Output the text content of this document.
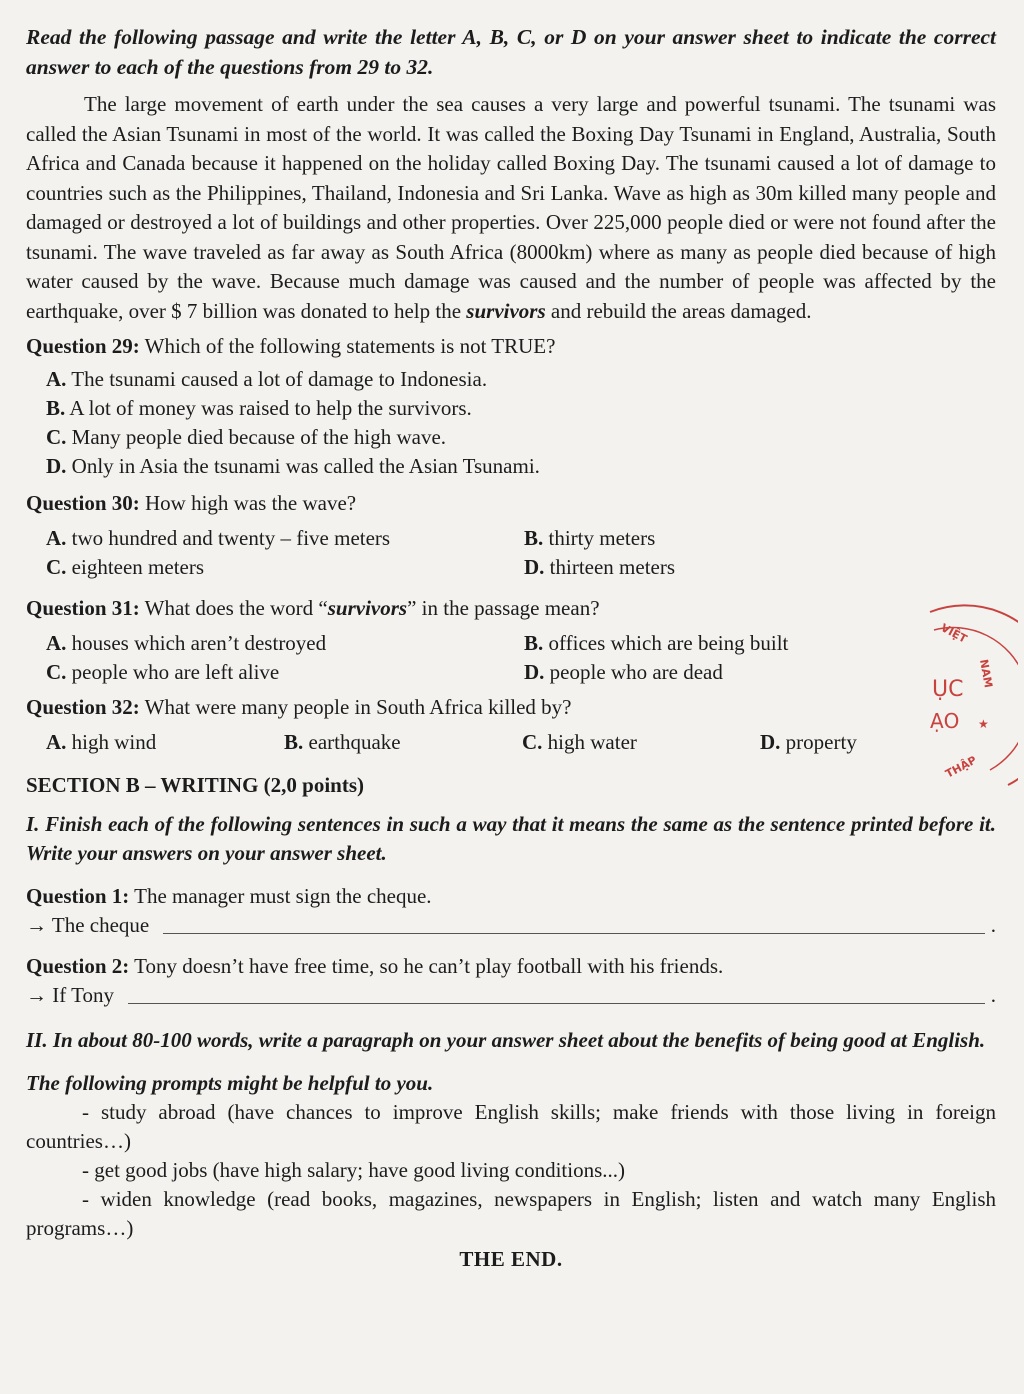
Read the following passage and write the letter A, B, C, or D on your answer sheet to indicate the correct answer to each of the questions from 29 to 32.
The large movement of earth under the sea causes a very large and powerful tsunami. The tsunami was called the Asian Tsunami in most of the world. It was called the Boxing Day Tsunami in England, Australia, South Africa and Canada because it happened on the holiday called Boxing Day. The tsunami caused a lot of damage to countries such as the Philippines, Thailand, Indonesia and Sri Lanka. Wave as high as 30m killed many people and damaged or destroyed a lot of buildings and other properties. Over 225,000 people died or were not found after the tsunami. The wave traveled as far away as South Africa (8000km) where as many as people died because of high water caused by the wave. Because much damage was caused and the number of people was affected by the earthquake, over $ 7 billion was donated to help the survivors and rebuild the areas damaged.
Question 29: Which of the following statements is not TRUE?
A. The tsunami caused a lot of damage to Indonesia.
B. A lot of money was raised to help the survivors.
C. Many people died because of the high wave.
D. Only in Asia the tsunami was called the Asian Tsunami.
Question 30: How high was the wave?
A. two hundred and twenty – five meters	B. thirty meters
C. eighteen meters	D. thirteen meters
Question 31: What does the word “survivors” in the passage mean?
A. houses which aren’t destroyed	B. offices which are being built
C. people who are left alive	D. people who are dead
Question 32: What were many people in South Africa killed by?
A. high wind	B. earthquake	C. high water	D. property
SECTION B – WRITING (2,0 points)
I. Finish each of the following sentences in such a way that it means the same as the sentence printed before it. Write your answers on your answer sheet.
Question 1: The manager must sign the cheque.
→ The cheque	.
Question 2: Tony doesn’t have free time, so he can’t play football with his friends.
→ If Tony	.
II. In about 80-100 words, write a paragraph on your answer sheet about the benefits of being good at English.
The following prompts might be helpful to you.
- study abroad (have chances to improve English skills; make friends with those living in foreign countries…)
- get good jobs (have high salary; have good living conditions...)
- widen knowledge (read books, magazines, newspapers in English; listen and watch many English programs…)
THE END.
VIỆT
NAM
THẬP
ỤC
ẠO ★
